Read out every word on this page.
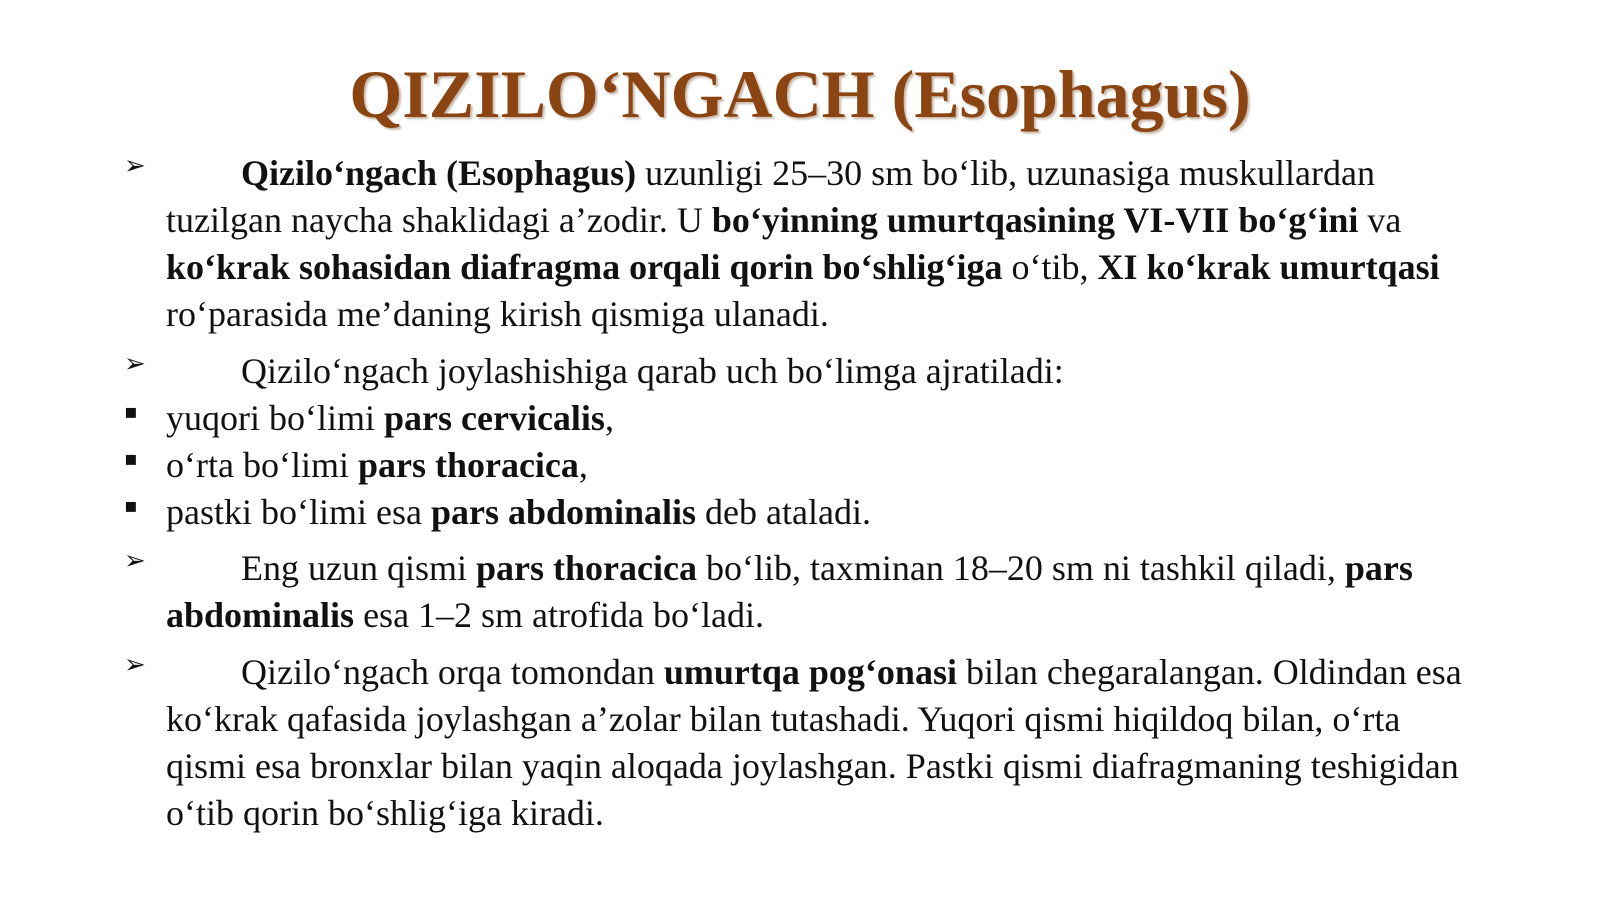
QIZILO‘NGACH (Esophagus)
➢	Qizilo‘ngach (Esophagus) uzunligi 25–30 sm bo‘lib, uzunasiga muskullardan tuzilgan naycha shaklidagi a’zodir. U bo‘yinning umurtqasining VI-VII bo‘g‘ini va ko‘krak sohasidan diafragma orqali qorin bo‘shlig‘iga o‘tib, XI ko‘krak umurtqasi ro‘parasida me’daning kirish qismiga ulanadi.

➢	Qizilo‘ngach joylashishiga qarab uch bo‘limga ajratiladi:

▪ yuqori bo‘limi pars cervicalis,

▪ o‘rta bo‘limi pars thoracica,

▪ pastki bo‘limi esa pars abdominalis deb ataladi.

➢	Eng uzun qismi pars thoracica bo‘lib, taxminan 18–20 sm ni tashkil qiladi, pars abdominalis esa 1–2 sm atrofida bo‘ladi.

➢	Qizilo‘ngach orqa tomondan umurtqa pog‘onasi bilan chegaralangan. Oldindan esa ko‘krak qafasida joylashgan a’zolar bilan tutashadi. Yuqori qismi hiqildoq bilan, o‘rta qismi esa bronxlar bilan yaqin aloqada joylashgan. Pastki qismi diafragmaning teshigidan o‘tib qorin bo‘shlig‘iga kiradi.
